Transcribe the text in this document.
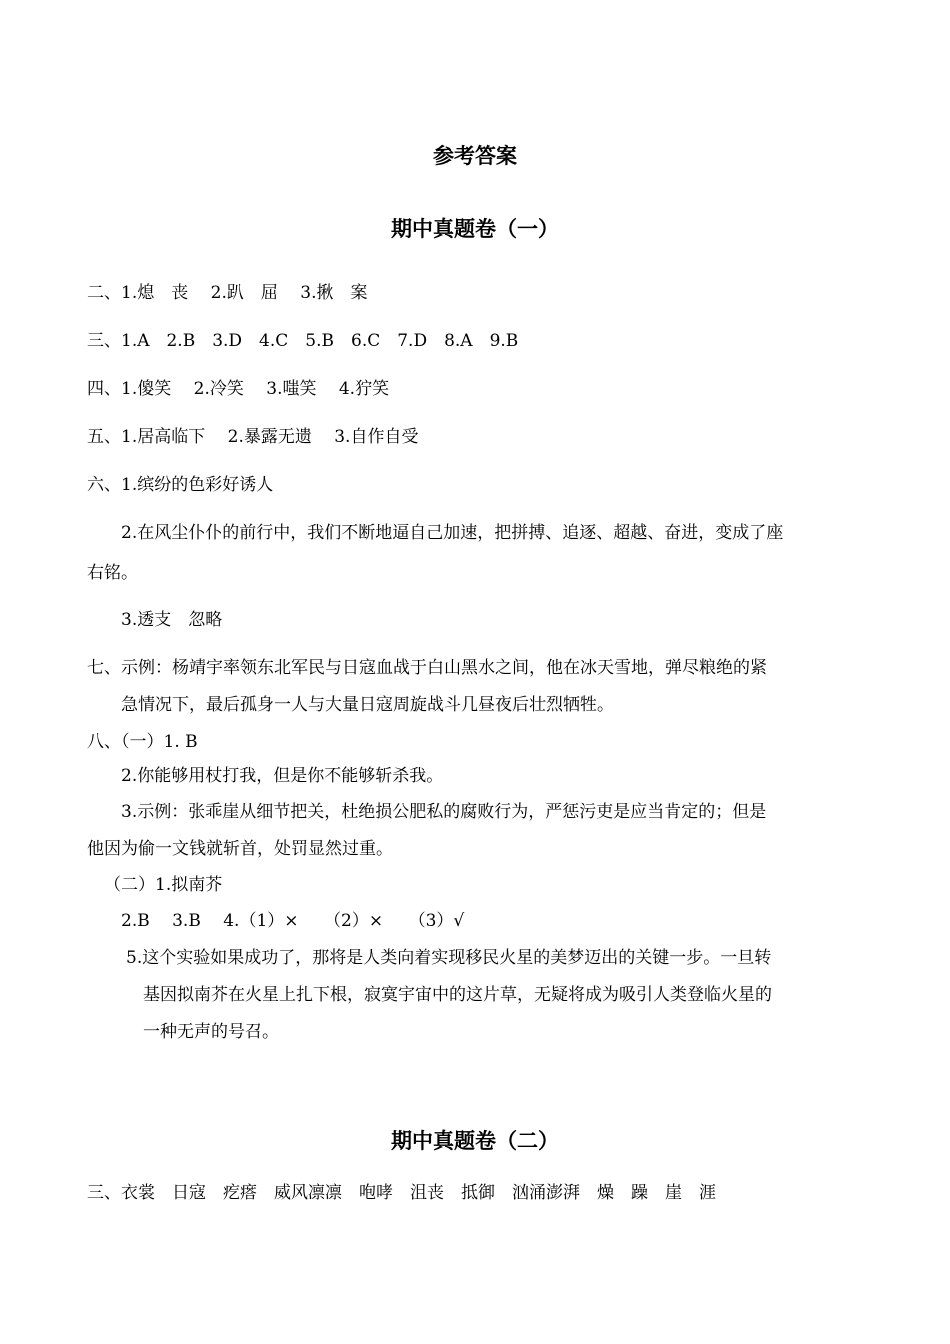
参考答案
期中真题卷（一）
二、1.熄　丧　 2.趴　屈　 3.揪　案
三、1.A　2.B　3.D　4.C　5.B　6.C　7.D　8.A　9.B
四、1.傻笑　 2.冷笑　 3.嗤笑　 4.狞笑
五、1.居高临下　 2.暴露无遗　 3.自作自受
六、1.缤纷的色彩好诱人
2.在风尘仆仆的前行中，我们不断地逼自己加速，把拼搏、追逐、超越、奋进，变成了座
右铭。
3.透支　忽略
七、示例：杨靖宇率领东北军民与日寇血战于白山黑水之间，他在冰天雪地，弹尽粮绝的紧
急情况下，最后孤身一人与大量日寇周旋战斗几昼夜后壮烈牺牲。
八、（一）1. B
2.你能够用杖打我，但是你不能够斩杀我。
3.示例：张乖崖从细节把关，杜绝损公肥私的腐败行为，严惩污吏是应当肯定的；但是
他因为偷一文钱就斩首，处罚显然过重。
（二）1.拟南芥
2.B　 3.B　 4.（1）×　　（2）×　　（3）√
5.这个实验如果成功了，那将是人类向着实现移民火星的美梦迈出的关键一步。一旦转
基因拟南芥在火星上扎下根，寂寞宇宙中的这片草，无疑将成为吸引人类登临火星的
一种无声的号召。
期中真题卷（二）
三、衣裳　日寇　疙瘩　威风凛凛　咆哮　沮丧　抵御　汹涌澎湃　燥　躁　崖　涯
